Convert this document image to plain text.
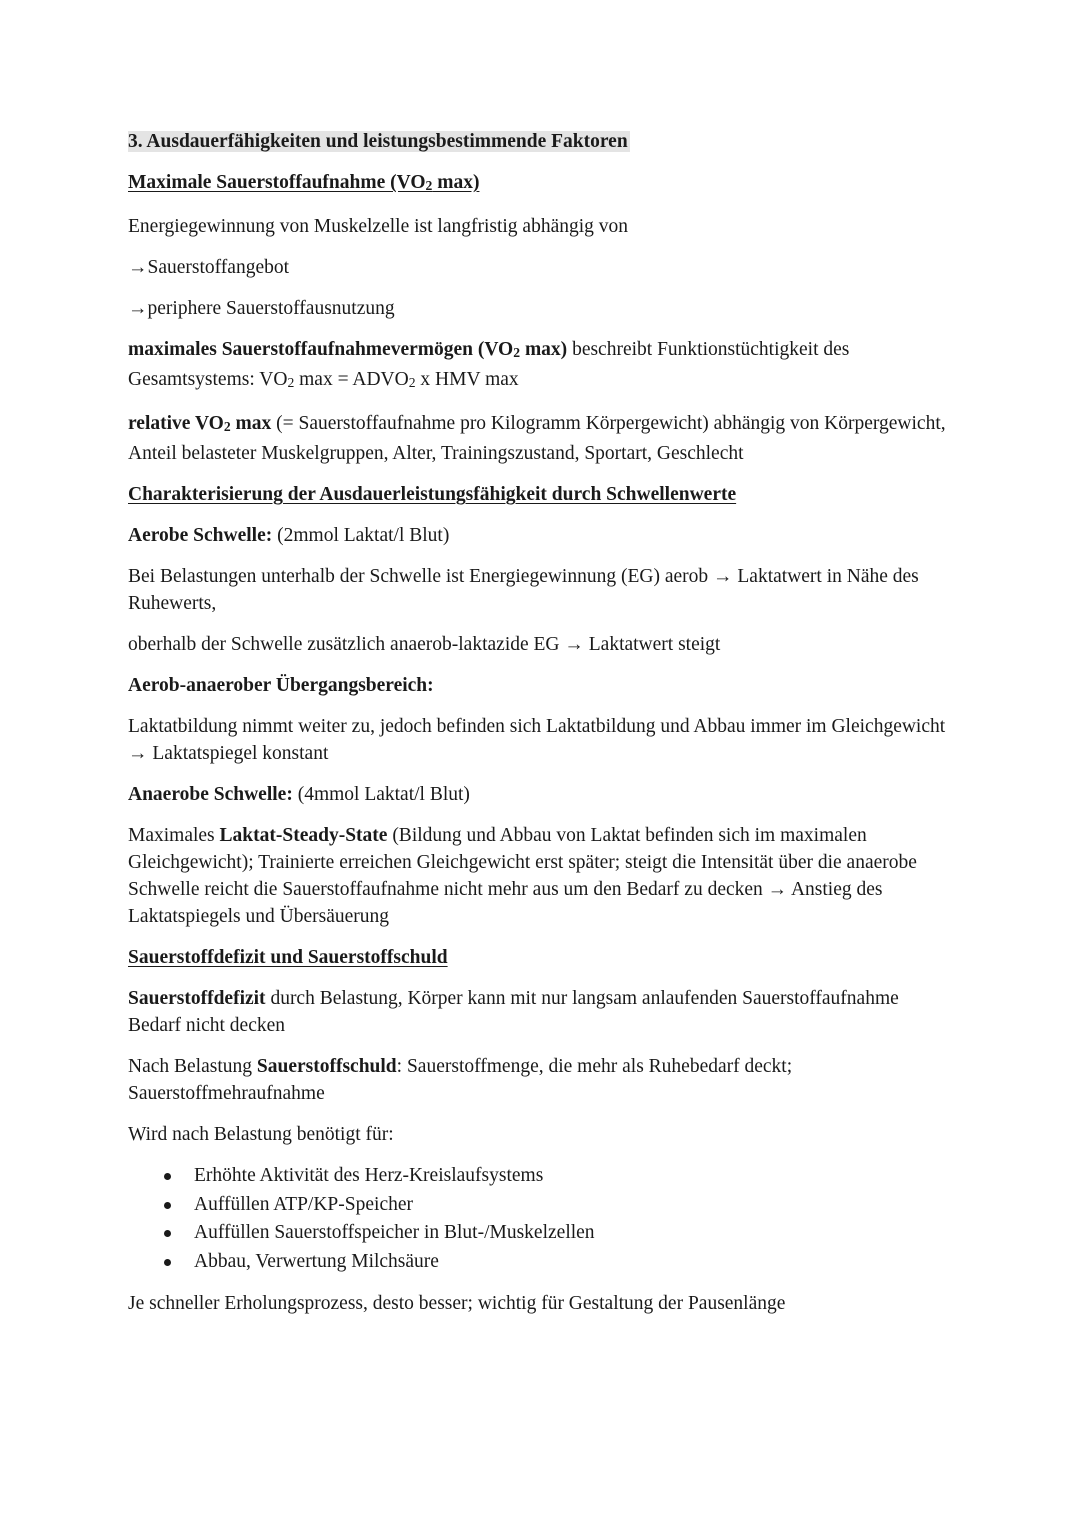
3. Ausdauerfähigkeiten und leistungsbestimmende Faktoren

Maximale Sauerstoffaufnahme ($VO_2$ max)

Energiegewinnung von Muskelzelle ist langfristig abhängig von

→Sauerstoffangebot

→periphere Sauerstoffausnutzung

maximales Sauerstoffaufnahmevermögen ($VO_2$ max) beschreibt Funktionstüchtigkeit des Gesamtsystems: $VO_2$ $\max = ADVO_2$ x HMV max

relative $VO_2$ max (= Sauerstoffaufnahme pro Kilogramm Körpergewicht) abhängig von Körpergewicht, Anteil belasteter Muskelgruppen, Alter, Trainingszustand, Sportart, Geschlecht

Charakterisierung der Ausdauerleistungsfähigkeit durch Schwellenwerte

Aerobe Schwelle: (2mmol Laktat/l Blut)

Bei Belastungen unterhalb der Schwelle ist Energiegewinnung (EG) aerob → Laktatwert in Nähe des Ruhewerts,

oberhalb der Schwelle zusätzlich anaerob-laktazide EG → Laktatwert steigt

Aerob-anaerober Übergangsbereich:

Laktatbildung nimmt weiter zu, jedoch befinden sich Laktatbildung und Abbau immer im Gleichgewicht → Laktatspiegel konstant

Anaerobe Schwelle: (4mmol Laktat/l Blut)

Maximales Laktat-Steady-State (Bildung und Abbau von Laktat befinden sich im maximalen Gleichgewicht); Trainierte erreichen Gleichgewicht erst später; steigt die Intensität über die anaerobe Schwelle reicht die Sauerstoffaufnahme nicht mehr aus um den Bedarf zu decken → Anstieg des Laktatspiegels und Übersäuerung

Sauerstoffdefizit und Sauerstoffschuld

Sauerstoffdefizit durch Belastung, Körper kann mit nur langsam anlaufenden Sauerstoffaufnahme Bedarf nicht decken

Nach Belastung Sauerstoffschuld: Sauerstoffmenge, die mehr als Ruhebedarf deckt; Sauerstoffmehraufnahme

Wird nach Belastung benötigt für:

Erhöhte Aktivität des Herz-Kreislaufsystems
Auffüllen ATP/KP-Speicher
Auffüllen Sauerstoffspeicher in Blut-/Muskelzellen
Abbau, Verwertung Milchsäure

Je schneller Erholungsprozess, desto besser; wichtig für Gestaltung der Pausenlänge
